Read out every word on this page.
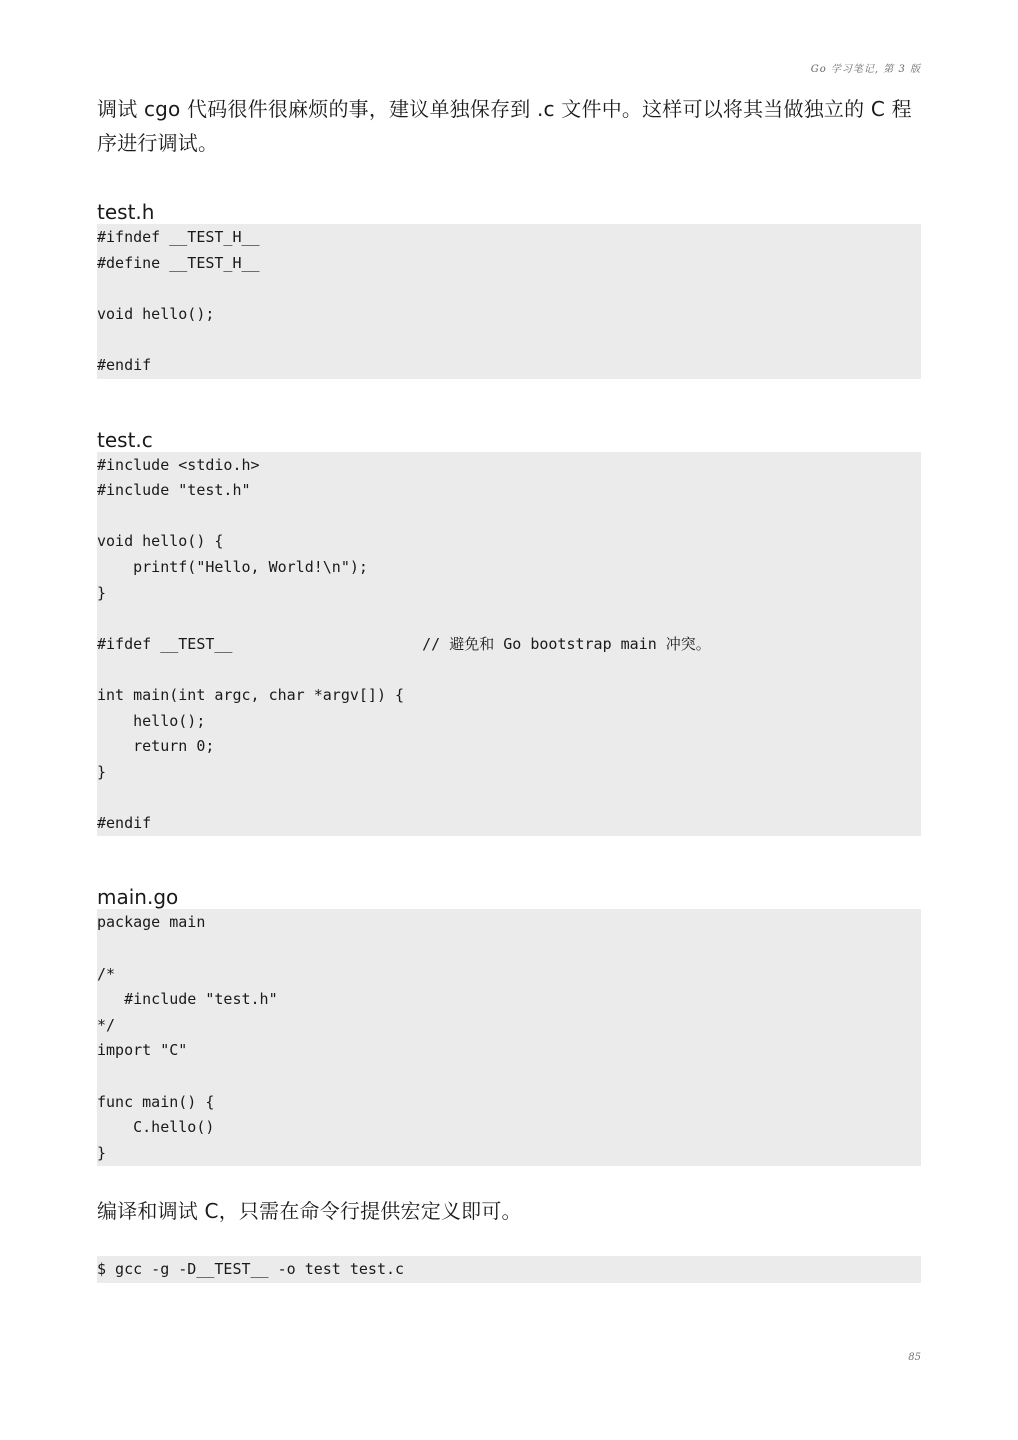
Go 学习笔记, 第 3 版

调试 cgo 代码很件很麻烦的事，建议单独保存到 .c 文件中。这样可以将其当做独立的 C 程序进行调试。

test.h
#ifndef __TEST_H__
#define __TEST_H__

void hello();

#endif
test.c
#include <stdio.h>
#include "test.h"

void hello() {
printf("Hello, World!\n");
}

#ifdef __TEST__                     // 避免和 Go bootstrap main 冲突。

int main(int argc, char *argv[]) {
hello();
return 0;
}

#endif
main.go
package main

/*
#include "test.h"
*/
import "C"

func main() {
C.hello()
}

编译和调试 C，只需在命令行提供宏定义即可。

$ gcc -g -D__TEST__ -o test test.c
85
